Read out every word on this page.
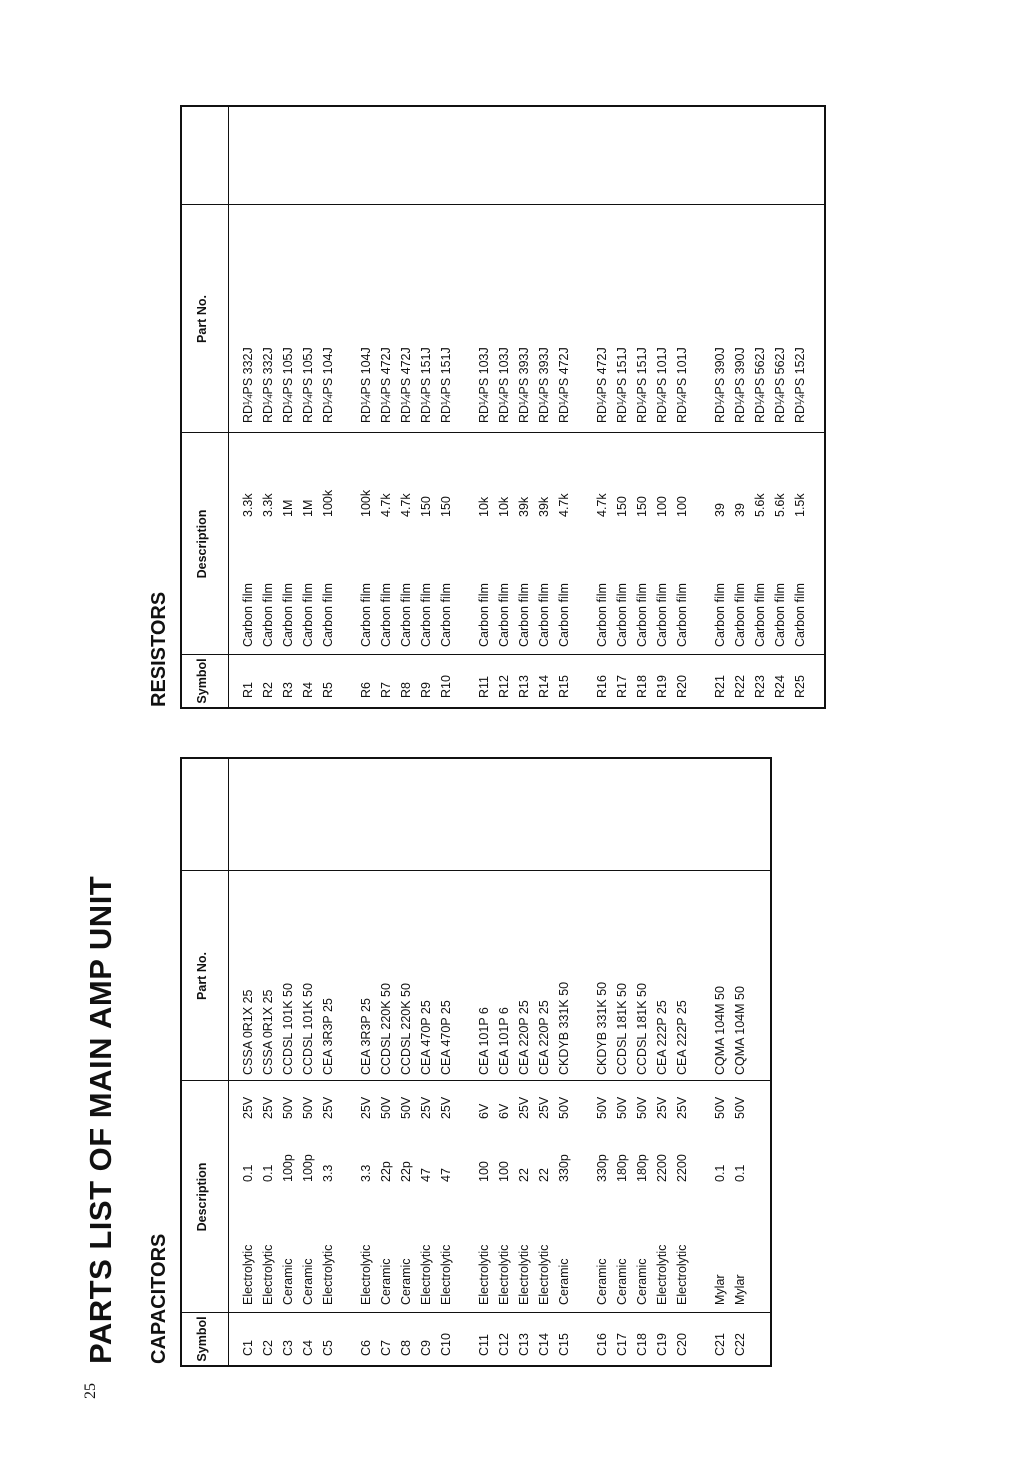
25
PARTS LIST OF MAIN AMP UNIT CAPACITORS Symbol
Description
Part No.
C1
Electrolytic
0.1
25V
CSSA 0R1X 25
C2
Electrolytic
0.1
25V
CSSA 0R1X 25
C3
Ceramic
100p
50V
CCDSL 101K 50
C4
Ceramic
100p
50V
CCDSL 101K 50
C5
Electrolytic
3.3
25V
CEA 3R3P 25
C6
Electrolytic
3.3
25V
CEA 3R3P 25
C7
Ceramic
22p
50V
CCDSL 220K 50
C8
Ceramic
22p
50V
CCDSL 220K 50
C9
Electrolytic
47
25V
CEA 470P 25
C10
Electrolytic
47
25V
CEA 470P 25
C11
Electrolytic
100
6V
CEA 101P 6
C12
Electrolytic
100
6V
CEA 101P 6
C13
Electrolytic
22
25V
CEA 220P 25
C14
Electrolytic
22
25V
CEA 220P 25
C15
Ceramic
330p
50V
CKDYB 331K 50
C16
Ceramic
330p
50V
CKDYB 331K 50
C17
Ceramic
180p
50V
CCDSL 181K 50
C18
Ceramic
180p
50V
CCDSL 181K 50
C19
Electrolytic
2200
25V
CEA 222P 25
C20
Electrolytic
2200
25V
CEA 222P 25
C21
Mylar
0.1
50V
CQMA 104M 50
C22
Mylar
0.1
50V
CQMA 104M 50
RESISTORS Symbol
Description
Part No.
R1
Carbon film
3.3k
RD¼PS 332J
R2
Carbon film
3.3k
RD¼PS 332J
R3
Carbon film
1M
RD¼PS 105J
R4
Carbon film
1M
RD¼PS 105J
R5
Carbon film
100k
RD¼PS 104J
R6
Carbon film
100k
RD¼PS 104J
R7
Carbon film
4.7k
RD¼PS 472J
R8
Carbon film
4.7k
RD¼PS 472J
R9
Carbon film
150
RD¼PS 151J
R10
Carbon film
150
RD¼PS 151J
R11
Carbon film
10k
RD¼PS 103J
R12
Carbon film
10k
RD¼PS 103J
R13
Carbon film
39k
RD¼PS 393J
R14
Carbon film
39k
RD¼PS 393J
R15
Carbon film
4.7k
RD¼PS 472J
R16
Carbon film
4.7k
RD¼PS 472J
R17
Carbon film
150
RD¼PS 151J
R18
Carbon film
150
RD¼PS 151J
R19
Carbon film
100
RD¼PS 101J
R20
Carbon film
100
RD¼PS 101J
R21
Carbon film
39
RD¼PS 390J
R22
Carbon film
39
RD¼PS 390J
R23
Carbon film
5.6k
RD¼PS 562J
R24
Carbon film
5.6k
RD¼PS 562J
R25
Carbon film
1.5k
RD¼PS 152J
